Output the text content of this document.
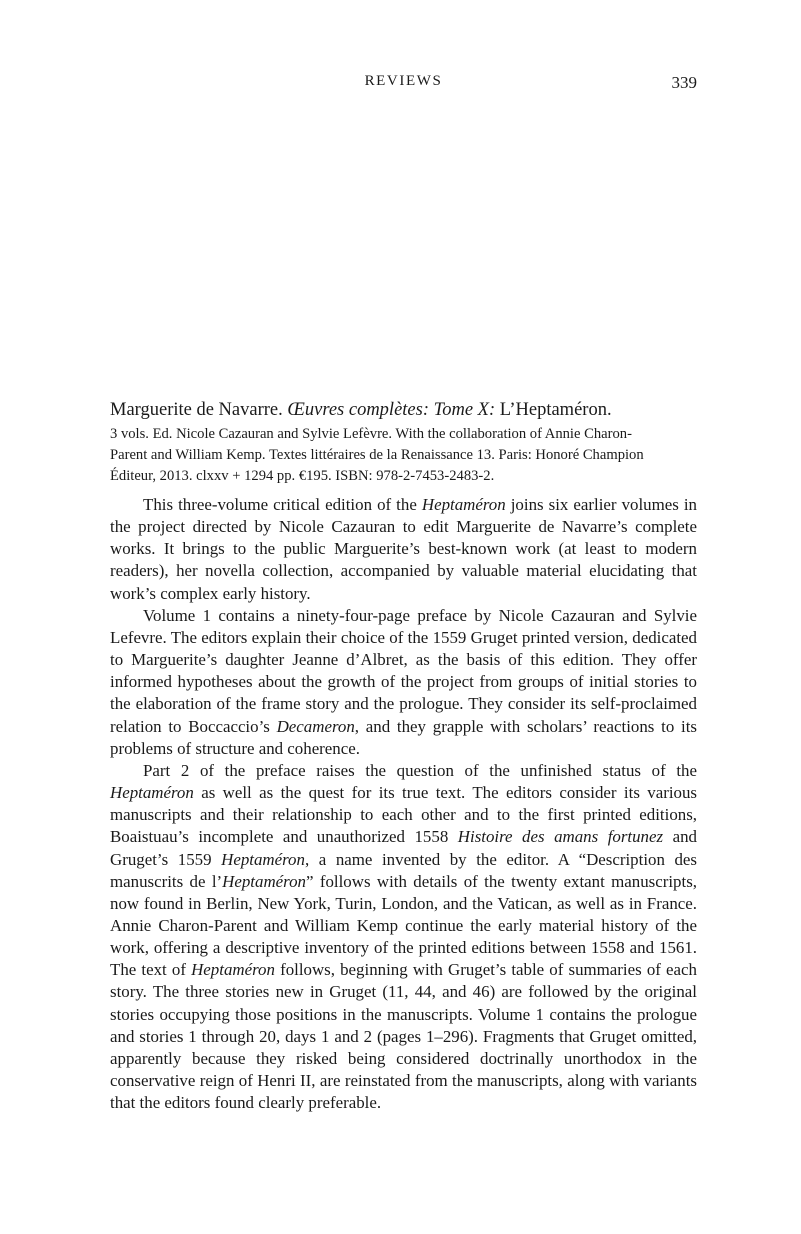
REVIEWS	339

Marguerite de Navarre. Œuvres complètes: Tome X: L’Heptaméron.

3 vols. Ed. Nicole Cazauran and Sylvie Lefèvre. With the collaboration of Annie Charon-
Parent and William Kemp. Textes littéraires de la Renaissance 13. Paris: Honoré Champion
Éditeur, 2013. clxxv + 1294 pp. €195. ISBN: 978-2-7453-2483-2.

This three-volume critical edition of the Heptaméron joins six earlier volumes in the project directed by Nicole Cazauran to edit Marguerite de Navarre’s complete works. It brings to the public Marguerite’s best-known work (at least to modern readers), her novella collection, accompanied by valuable material elucidating that work’s complex early history.

Volume 1 contains a ninety-four-page preface by Nicole Cazauran and Sylvie Lefevre. The editors explain their choice of the 1559 Gruget printed version, dedicated to Marguerite’s daughter Jeanne d’Albret, as the basis of this edition. They offer informed hypotheses about the growth of the project from groups of initial stories to the elaboration of the frame story and the prologue. They consider its self-proclaimed relation to Boccaccio’s Decameron, and they grapple with scholars’ reactions to its problems of structure and coherence.

Part 2 of the preface raises the question of the unfinished status of the Heptaméron as well as the quest for its true text. The editors consider its various manuscripts and their relationship to each other and to the first printed editions, Boaistuau’s incomplete and unauthorized 1558 Histoire des amans fortunez and Gruget’s 1559 Heptaméron, a name invented by the editor. A “Description des manuscrits de l’Heptaméron” follows with details of the twenty extant manuscripts, now found in Berlin, New York, Turin, London, and the Vatican, as well as in France. Annie Charon-Parent and William Kemp continue the early material history of the work, offering a descriptive inventory of the printed editions between 1558 and 1561. The text of Heptaméron follows, beginning with Gruget’s table of summaries of each story. The three stories new in Gruget (11, 44, and 46) are followed by the original stories occupying those positions in the manuscripts. Volume 1 contains the prologue and stories 1 through 20, days 1 and 2 (pages 1–296). Fragments that Gruget omitted, apparently because they risked being considered doctrinally unorthodox in the conservative reign of Henri II, are reinstated from the manuscripts, along with variants that the editors found clearly preferable.
